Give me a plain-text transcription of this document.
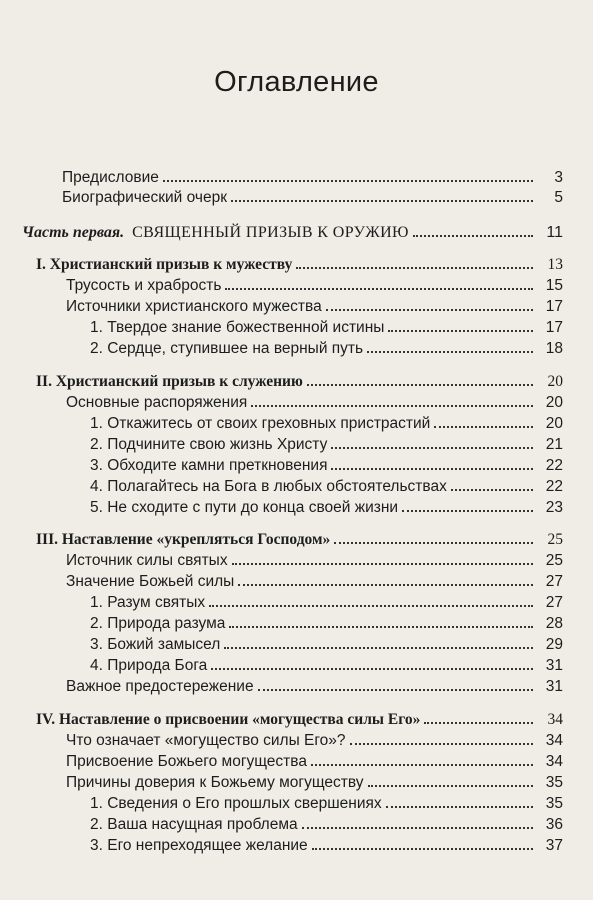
Оглавление
Предисловие	3
Биографический очерк	5
Часть первая. СВЯЩЕННЫЙ ПРИЗЫВ К ОРУЖИЮ	11
I. Христианский призыв к мужеству	13
Трусость и храбрость	15
Источники христианского мужества	17
1. Твердое знание божественной истины	17
2. Сердце, ступившее на верный путь	18
II. Христианский призыв к служению	20
Основные распоряжения	20
1. Откажитесь от своих греховных пристрастий	20
2. Подчините свою жизнь Христу	21
3. Обходите камни преткновения	22
4. Полагайтесь на Бога в любых обстоятельствах	22
5. Не сходите с пути до конца своей жизни	23
III. Наставление «укрепляться Господом»	25
Источник силы святых	25
Значение Божьей силы	27
1. Разум святых	27
2. Природа разума	28
3. Божий замысел	29
4. Природа Бога	31
Важное предостережение	31
IV. Наставление о присвоении «могущества силы Его»	34
Что означает «могущество силы Его»?	34
Присвоение Божьего могущества	34
Причины доверия к Божьему могуществу	35
1. Сведения о Его прошлых свершениях	35
2. Ваша насущная проблема	36
3. Его непреходящее желание	37
